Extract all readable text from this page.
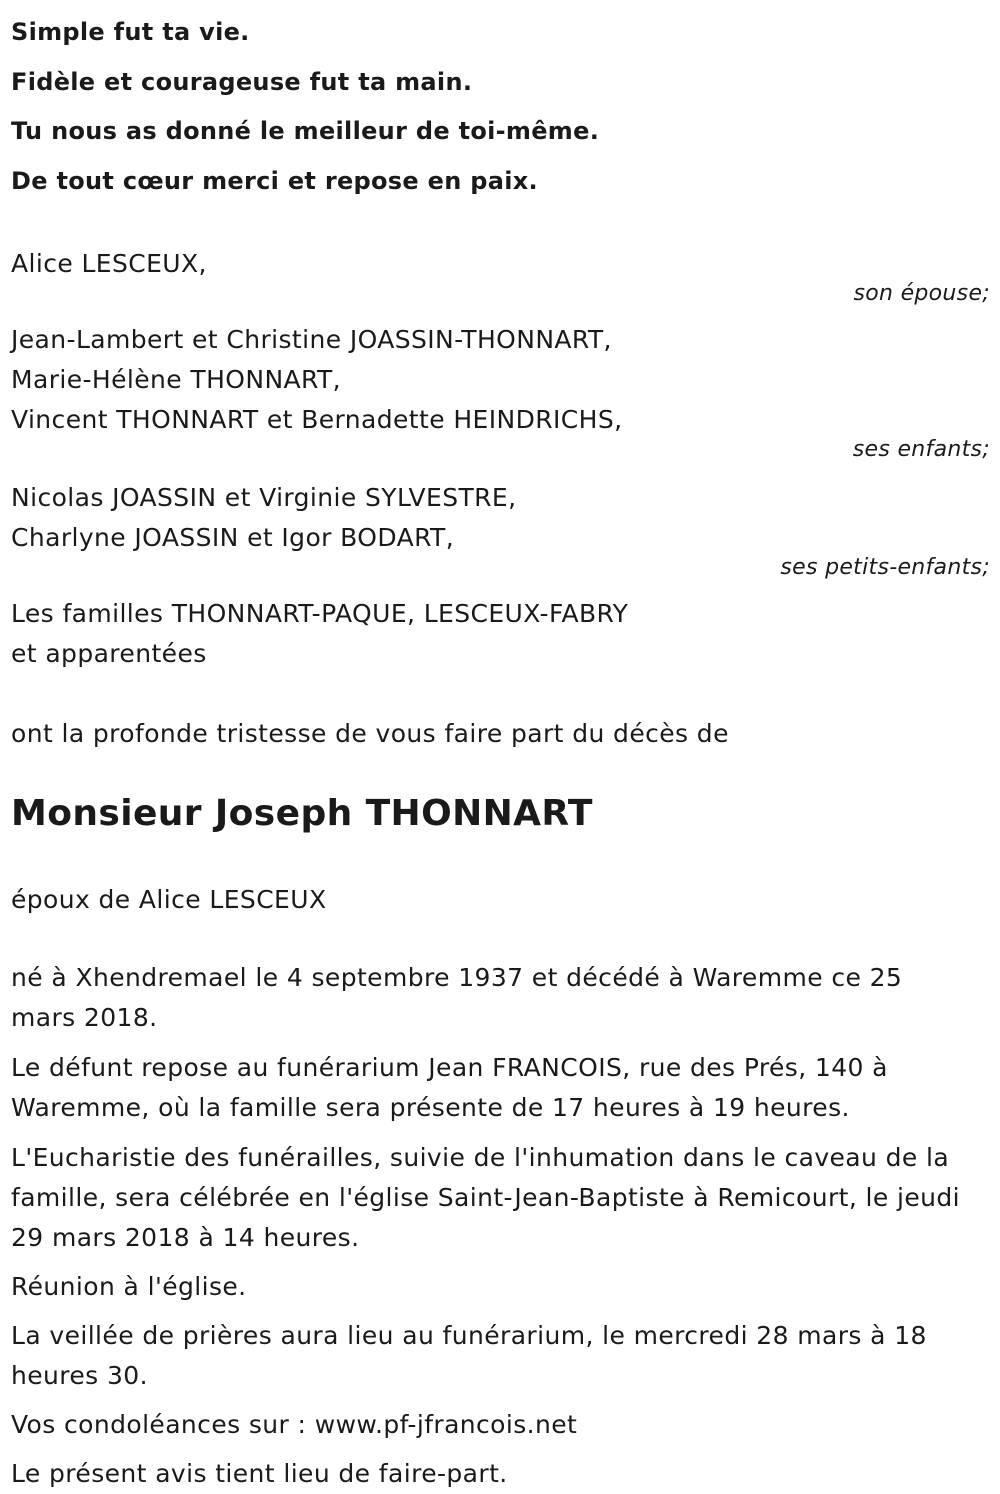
Simple fut ta vie.
Fidèle et courageuse fut ta main.
Tu nous as donné le meilleur de toi-même.
De tout cœur merci et repose en paix.
Alice LESCEUX,
son épouse;
Jean-Lambert et Christine JOASSIN-THONNART,
Marie-Hélène THONNART,
Vincent THONNART et Bernadette HEINDRICHS,
ses enfants;
Nicolas JOASSIN et Virginie SYLVESTRE,
Charlyne JOASSIN et Igor BODART,
ses petits-enfants;
Les familles THONNART-PAQUE, LESCEUX-FABRY
et apparentées
ont la profonde tristesse de vous faire part du décès de
Monsieur Joseph THONNART
époux de Alice LESCEUX
né à Xhendremael le 4 septembre 1937 et décédé à Waremme ce 25
mars 2018.
Le défunt repose au funérarium Jean FRANCOIS, rue des Prés, 140 à
Waremme, où la famille sera présente de 17 heures à 19 heures.
L'Eucharistie des funérailles, suivie de l'inhumation dans le caveau de la
famille, sera célébrée en l'église Saint-Jean-Baptiste à Remicourt, le jeudi
29 mars 2018 à 14 heures.
Réunion à l'église.
La veillée de prières aura lieu au funérarium, le mercredi 28 mars à 18
heures 30.
Vos condoléances sur : www.pf-jfrancois.net
Le présent avis tient lieu de faire-part.
